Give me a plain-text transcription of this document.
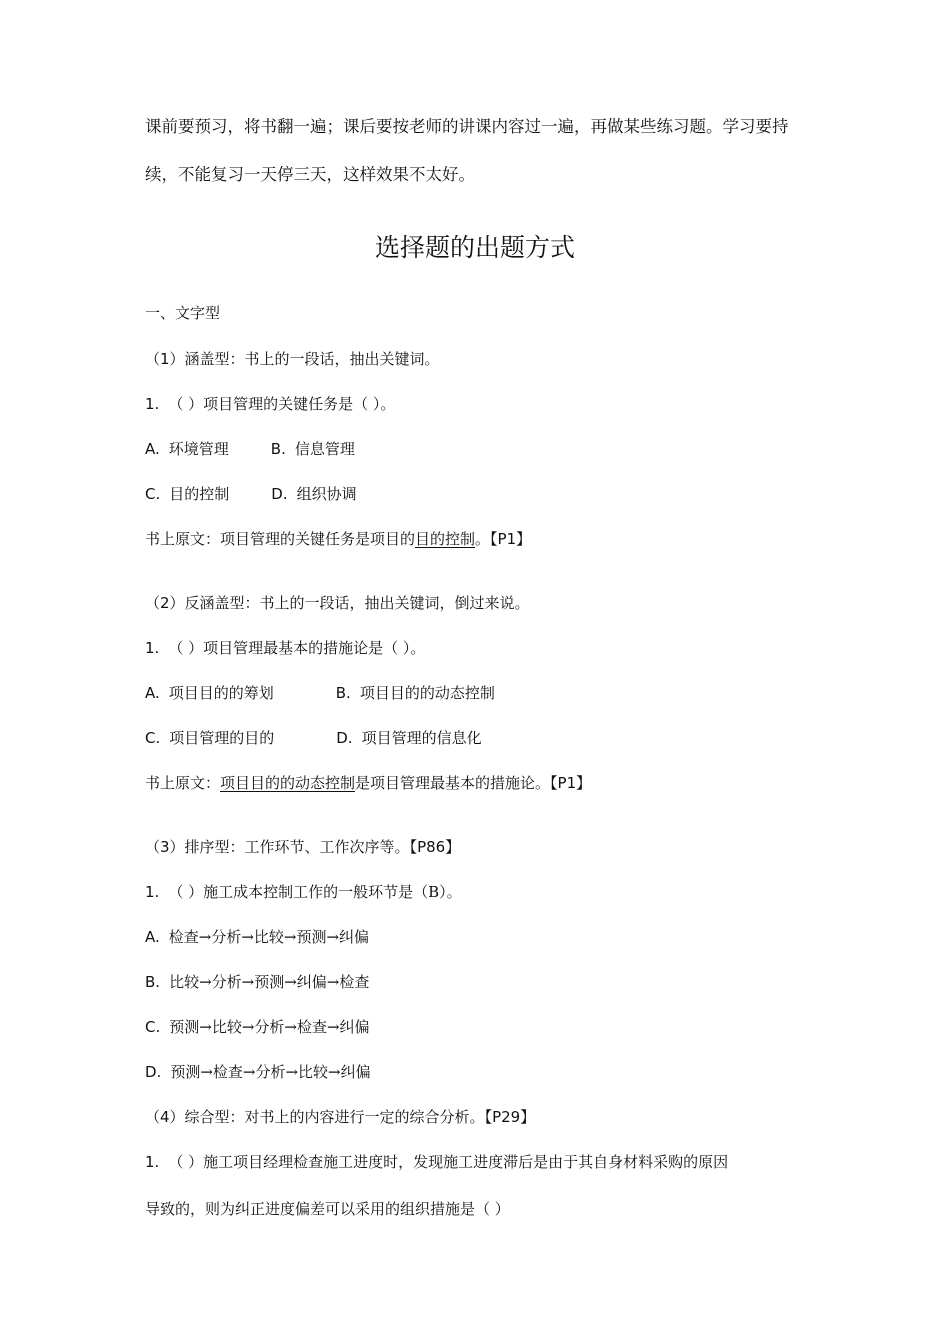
课前要预习，将书翻一遍；课后要按老师的讲课内容过一遍，再做某些练习题。学习要持
续，不能复习一天停三天，这样效果不太好。
选择题的出题方式
一、文字型
（1）涵盖型：书上的一段话，抽出关键词。
1. （ ）项目管理的关键任务是（ ）。
A. 环境管理	B. 信息管理
C. 目的控制	D. 组织协调
书上原文：项目管理的关键任务是项目的目的控制。【P1】
（2）反涵盖型：书上的一段话，抽出关键词，倒过来说。
1. （ ）项目管理最基本的措施论是（ ）。
A. 项目目的的筹划	B. 项目目的的动态控制
C. 项目管理的目的	D. 项目管理的信息化
书上原文：项目目的的动态控制是项目管理最基本的措施论。【P1】
（3）排序型：工作环节、工作次序等。【P86】
1. （ ）施工成本控制工作的一般环节是（B）。
A. 检查→分析→比较→预测→纠偏
B. 比较→分析→预测→纠偏→检查
C. 预测→比较→分析→检查→纠偏
D. 预测→检查→分析→比较→纠偏
（4）综合型：对书上的内容进行一定的综合分析。【P29】
1. （ ）施工项目经理检查施工进度时，发现施工进度滞后是由于其自身材料采购的原因
导致的，则为纠正进度偏差可以采用的组织措施是（ ）
